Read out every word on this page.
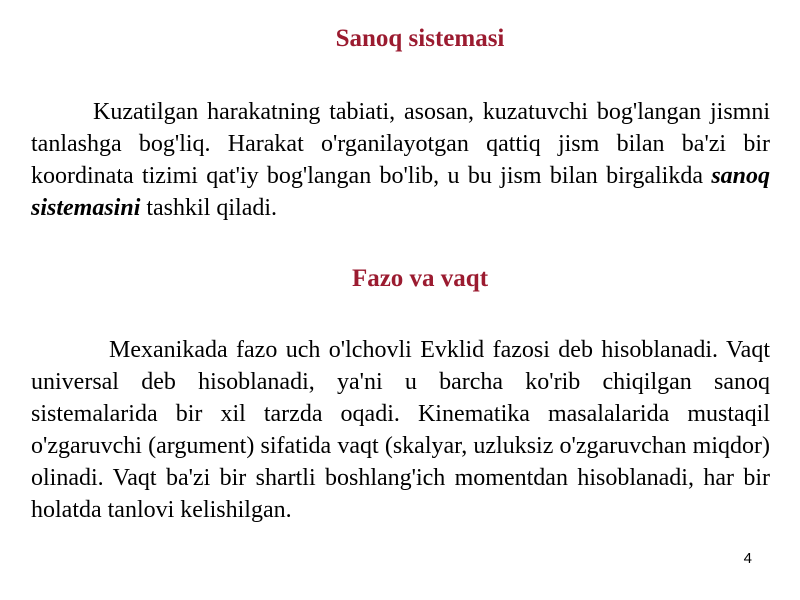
Sanoq sistemasi

Kuzatilgan harakatning tabiati, asosan, kuzatuvchi bog'langan jismni tanlashga bog'liq. Harakat o'rganilayotgan qattiq jism bilan ba'zi bir koordinata tizimi qat'iy bog'langan bo'lib, u bu jism bilan birgalikda sanoq sistemasini tashkil qiladi.

Fazo va vaqt

Mexanikada fazo uch o'lchovli Evklid fazosi deb hisoblanadi. Vaqt universal deb hisoblanadi, ya'ni u barcha ko'rib chiqilgan sanoq sistemalarida bir xil tarzda oqadi. Kinematika masalalarida mustaqil o'zgaruvchi (argument) sifatida vaqt (skalyar, uzluksiz o'zgaruvchan miqdor) olinadi. Vaqt ba'zi bir shartli boshlang'ich momentdan hisoblanadi, har bir holatda tanlovi kelishilgan.

4
